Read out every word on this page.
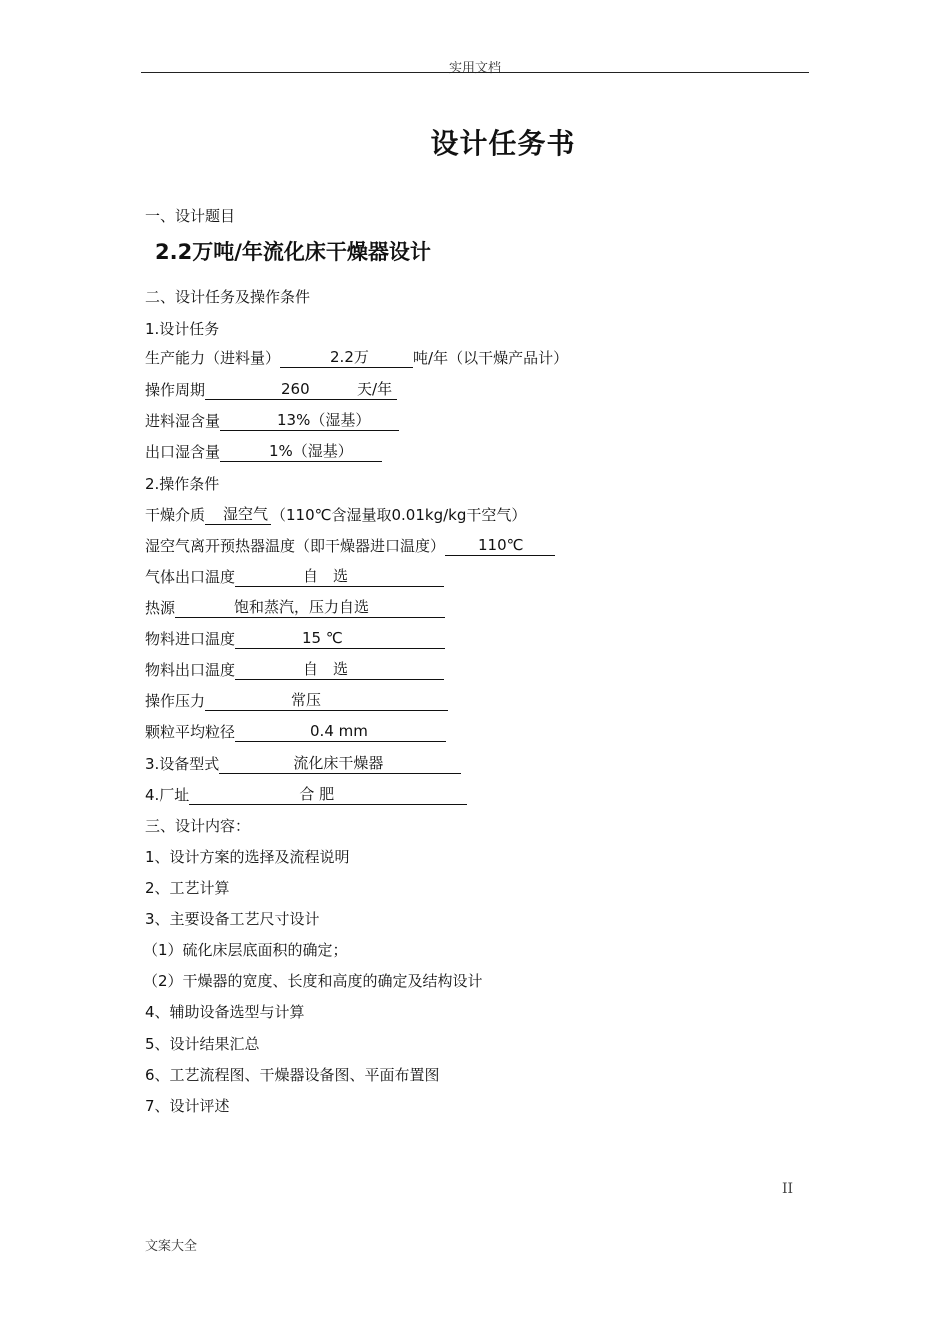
实用文档
设计任务书
一、设计题目
2.2万吨/年流化床干燥器设计
二、设计任务及操作条件
1.设计任务
生产能力（进料量）	2.2万	吨/年（以干燥产品计）
操作周期	260	天/年
进料湿含量	13%（湿基）
出口湿含量	1%（湿基）
2.操作条件
干燥介质 湿空气 （110℃含湿量取0.01kg/kg干空气）
湿空气离开预热器温度（即干燥器进口温度） 110℃
气体出口温度	自　选
热源	饱和蒸汽，压力自选
物料进口温度	15 ℃
物料出口温度	自　选
操作压力	常压
颗粒平均粒径	0.4 mm
3.设备型式	流化床干燥器
4.厂址	合 肥
三、设计内容：
1、设计方案的选择及流程说明
2、工艺计算
3、主要设备工艺尺寸设计
（1）硫化床层底面积的确定；
（2）干燥器的宽度、长度和高度的确定及结构设计
4、辅助设备选型与计算
5、设计结果汇总
6、工艺流程图、干燥器设备图、平面布置图
7、设计评述
II
文案大全
